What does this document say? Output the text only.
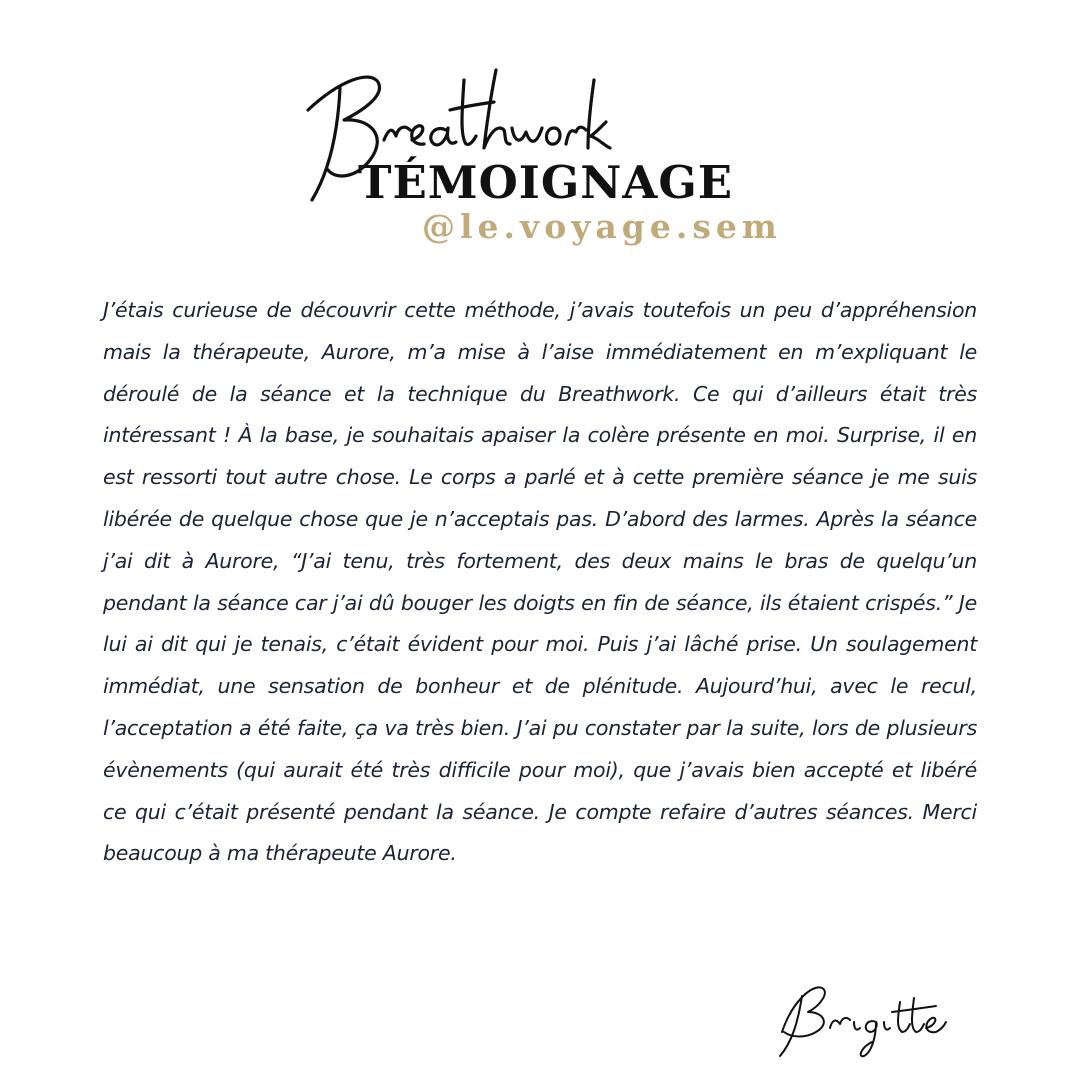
TÉMOIGNAGE
@le.voyage.sem

J’étais curieuse de découvrir cette méthode, j’avais toutefois un peu d’appréhension mais la thérapeute, Aurore, m’a mise à l’aise immédiatement en m’expliquant le déroulé de la séance et la technique du Breathwork. Ce qui d’ailleurs était très intéressant ! À la base, je souhaitais apaiser la colère présente en moi. Surprise, il en est ressorti tout autre chose. Le corps a parlé et à cette première séance je me suis libérée de quelque chose que je n’acceptais pas. D’abord des larmes. Après la séance j’ai dit à Aurore, “J’ai tenu, très fortement, des deux mains le bras de quelqu’un pendant la séance car j’ai dû bouger les doigts en fin de séance, ils étaient crispés.” Je lui ai dit qui je tenais, c’était évident pour moi. Puis j’ai lâché prise. Un soulagement immédiat, une sensation de bonheur et de plénitude. Aujourd’hui, avec le recul, l’acceptation a été faite, ça va très bien. J’ai pu constater par la suite, lors de plusieurs évènements (qui aurait été très difficile pour moi), que j’avais bien accepté et libéré ce qui c’était présenté pendant la séance. Je compte refaire d’autres séances. Merci beaucoup à ma thérapeute Aurore.
